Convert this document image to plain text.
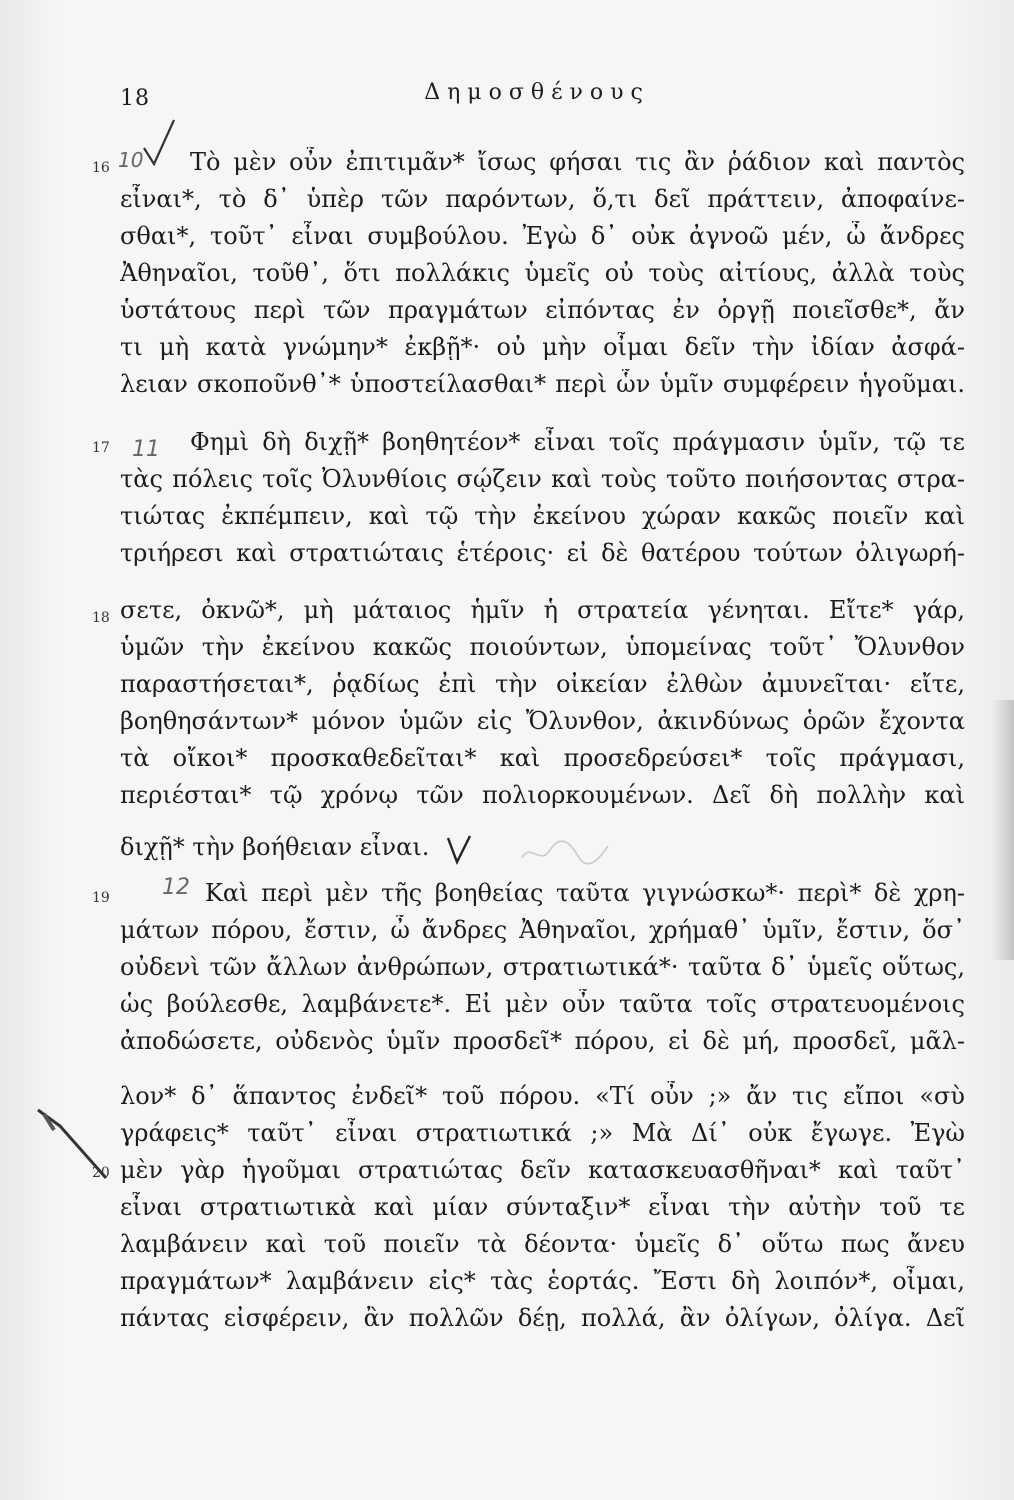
18	Δημοσθένους
10
11
12
16
17
18
19
20
Τὸ μὲν οὖν ἐπιτιμᾶν* ἴσως φήσαι τις ἂν ῥάδιον καὶ παντὸς
εἶναι*, τὸ δ᾽ ὑπὲρ τῶν παρόντων, ὅ,τι δεῖ πράττειν, ἀποφαίνε-
σθαι*, τοῦτ᾽ εἶναι συμβούλου. Ἐγὼ δ᾽ οὐκ ἀγνοῶ μέν, ὦ ἄνδρες
Ἀθηναῖοι, τοῦθ᾽, ὅτι πολλάκις ὑμεῖς οὐ τοὺς αἰτίους, ἀλλὰ τοὺς
ὑστάτους περὶ τῶν πραγμάτων εἰπόντας ἐν ὀργῇ ποιεῖσθε*, ἄν
τι μὴ κατὰ γνώμην* ἐκβῇ*· οὐ μὴν οἶμαι δεῖν τὴν ἰδίαν ἀσφά-
λειαν σκοποῦνθ᾽* ὑποστείλασθαι* περὶ ὧν ὑμῖν συμφέρειν ἡγοῦμαι.
Φημὶ δὴ διχῇ* βοηθητέον* εἶναι τοῖς πράγμασιν ὑμῖν, τῷ τε
τὰς πόλεις τοῖς Ὀλυνθίοις σῴζειν καὶ τοὺς τοῦτο ποιήσοντας στρα-
τιώτας ἐκπέμπειν, καὶ τῷ τὴν ἐκείνου χώραν κακῶς ποιεῖν καὶ
τριήρεσι καὶ στρατιώταις ἑτέροις· εἰ δὲ θατέρου τούτων ὀλιγωρή-
σετε, ὀκνῶ*, μὴ μάταιος ἡμῖν ἡ στρατεία γένηται. Εἴτε* γάρ,
ὑμῶν τὴν ἐκείνου κακῶς ποιούντων, ὑπομείνας τοῦτ᾽ Ὄλυνθον
παραστήσεται*, ῥᾳδίως ἐπὶ τὴν οἰκείαν ἐλθὼν ἀμυνεῖται· εἴτε,
βοηθησάντων* μόνον ὑμῶν εἰς Ὄλυνθον, ἀκινδύνως ὁρῶν ἔχοντα
τὰ οἴκοι* προσκαθεδεῖται* καὶ προσεδρεύσει* τοῖς πράγμασι,
περιέσται* τῷ χρόνῳ τῶν πολιορκουμένων. Δεῖ δὴ πολλὴν καὶ
διχῇ* τὴν βοήθειαν εἶναι.
Καὶ περὶ μὲν τῆς βοηθείας ταῦτα γιγνώσκω*· περὶ* δὲ χρη-
μάτων πόρου, ἔστιν, ὦ ἄνδρες Ἀθηναῖοι, χρήμαθ᾽ ὑμῖν, ἔστιν, ὅσ᾽
οὐδενὶ τῶν ἄλλων ἀνθρώπων, στρατιωτικά*· ταῦτα δ᾽ ὑμεῖς οὕτως,
ὡς βούλεσθε, λαμβάνετε*. Εἰ μὲν οὖν ταῦτα τοῖς στρατευομένοις
ἀποδώσετε, οὐδενὸς ὑμῖν προσδεῖ* πόρου, εἰ δὲ μή, προσδεῖ, μᾶλ-
λον* δ᾽ ἅπαντος ἐνδεῖ* τοῦ πόρου. «Τί οὖν ;» ἄν τις εἴποι «σὺ
γράφεις* ταῦτ᾽ εἶναι στρατιωτικά ;» Μὰ Δί᾽ οὐκ ἔγωγε. Ἐγὼ
μὲν γὰρ ἡγοῦμαι στρατιώτας δεῖν κατασκευασθῆναι* καὶ ταῦτ᾽
εἶναι στρατιωτικὰ καὶ μίαν σύνταξιν* εἶναι τὴν αὐτὴν τοῦ τε
λαμβάνειν καὶ τοῦ ποιεῖν τὰ δέοντα· ὑμεῖς δ᾽ οὕτω πως ἄνευ
πραγμάτων* λαμβάνειν εἰς* τὰς ἑορτάς. Ἔστι δὴ λοιπόν*, οἶμαι,
πάντας εἰσφέρειν, ἂν πολλῶν δέῃ, πολλά, ἂν ὀλίγων, ὀλίγα. Δεῖ
